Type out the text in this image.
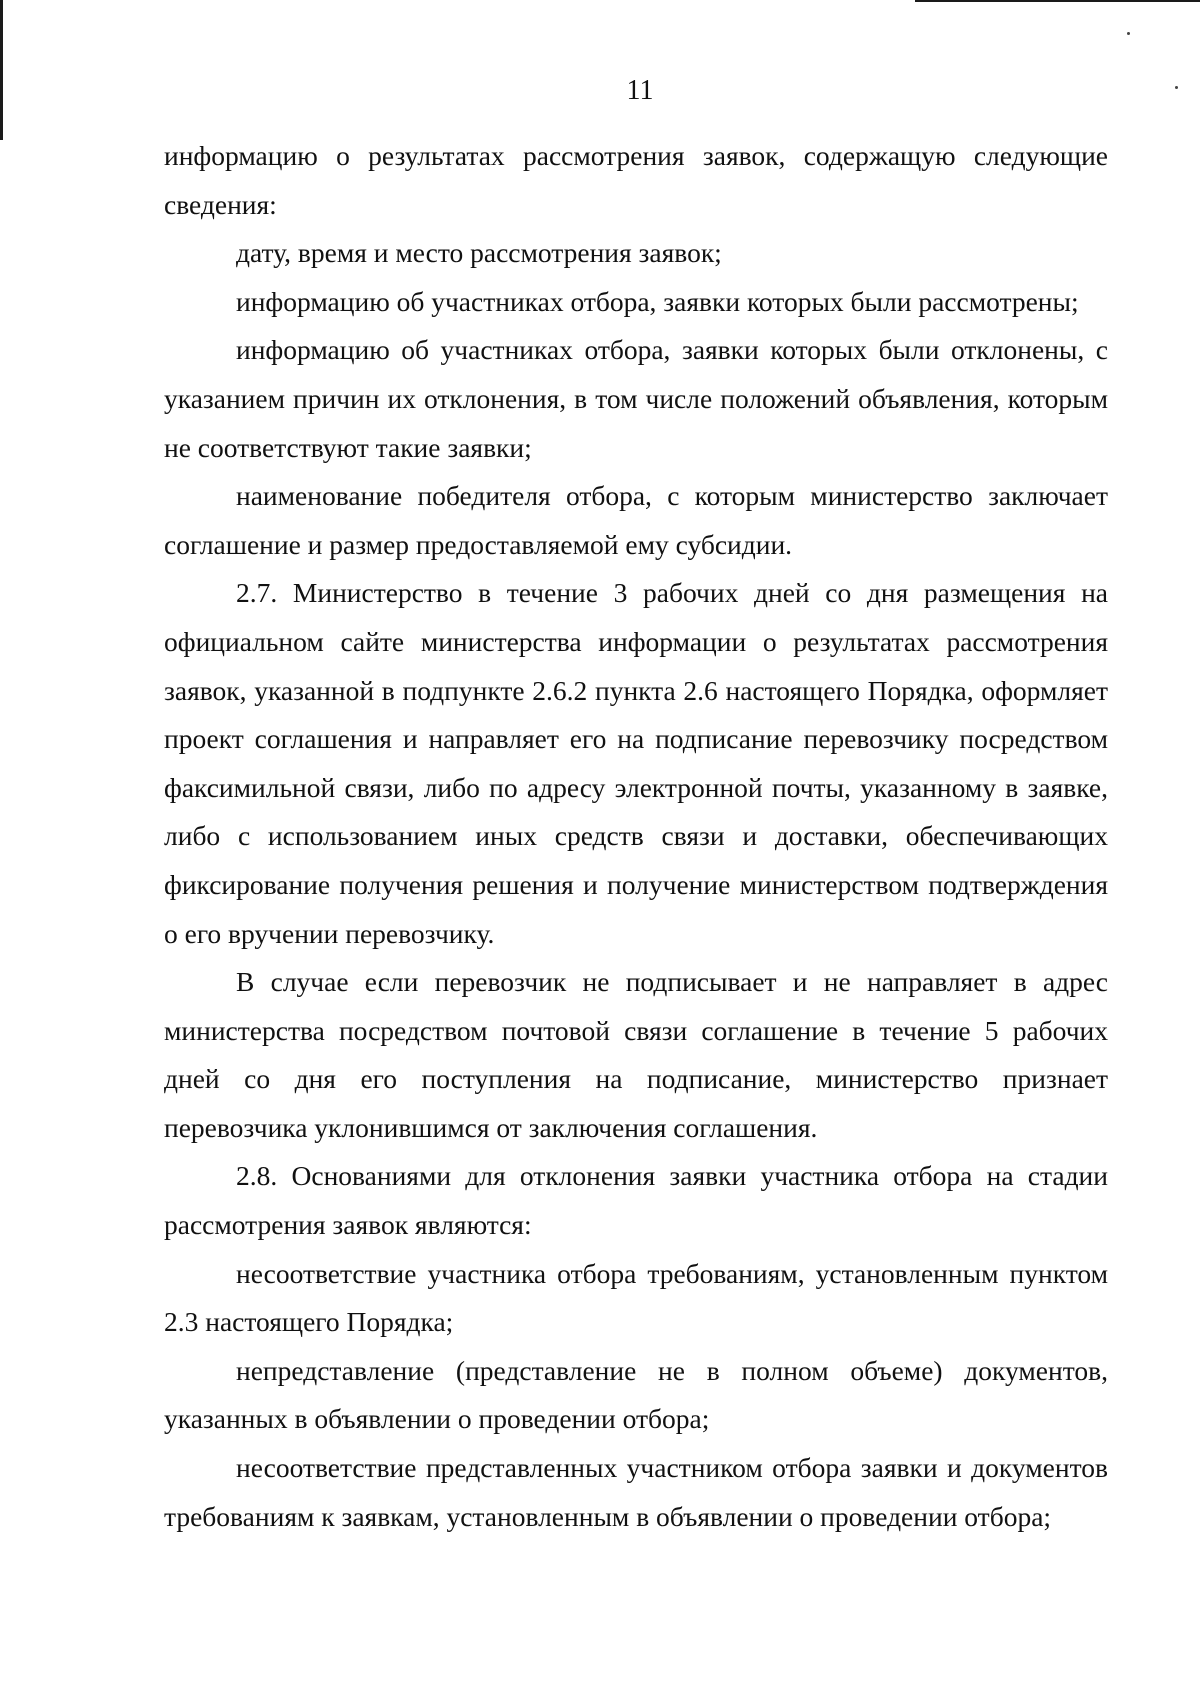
11

информацию о результатах рассмотрения заявок, содержащую следующие сведения:

дату, время и место рассмотрения заявок;

информацию об участниках отбора, заявки которых были рассмотрены;

информацию об участниках отбора, заявки которых были отклонены, с указанием причин их отклонения, в том числе положений объявления, которым не соответствуют такие заявки;

наименование победителя отбора, с которым министерство заключает соглашение и размер предоставляемой ему субсидии.

2.7. Министерство в течение 3 рабочих дней со дня размещения на официальном сайте министерства информации о результатах рассмотрения заявок, указанной в подпункте 2.6.2 пункта 2.6 настоящего Порядка, оформляет проект соглашения и направляет его на подписание перевозчику посредством факсимильной связи, либо по адресу электронной почты, указанному в заявке, либо с использованием иных средств связи и доставки, обеспечивающих фиксирование получения решения и получение министерством подтверждения о его вручении перевозчику.

В случае если перевозчик не подписывает и не направляет в адрес министерства посредством почтовой связи соглашение в течение 5 рабочих дней со дня его поступления на подписание, министерство признает перевозчика уклонившимся от заключения соглашения.

2.8. Основаниями для отклонения заявки участника отбора на стадии рассмотрения заявок являются:

несоответствие участника отбора требованиям, установленным пунктом 2.3 настоящего Порядка;

непредставление (представление не в полном объеме) документов, указанных в объявлении о проведении отбора;

несоответствие представленных участником отбора заявки и документов требованиям к заявкам, установленным в объявлении о проведении отбора;
